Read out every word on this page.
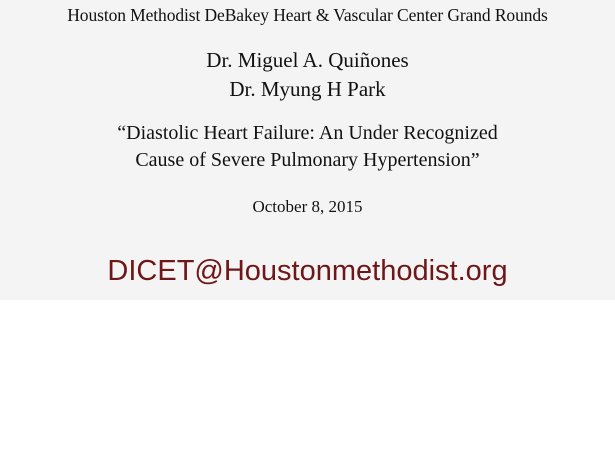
Houston Methodist DeBakey Heart & Vascular Center Grand Rounds
Dr. Miguel A. Quiñones
Dr. Myung H Park
“Diastolic Heart Failure: An Under Recognized
Cause of Severe Pulmonary Hypertension”
October 8, 2015
DICET@Houstonmethodist.org
